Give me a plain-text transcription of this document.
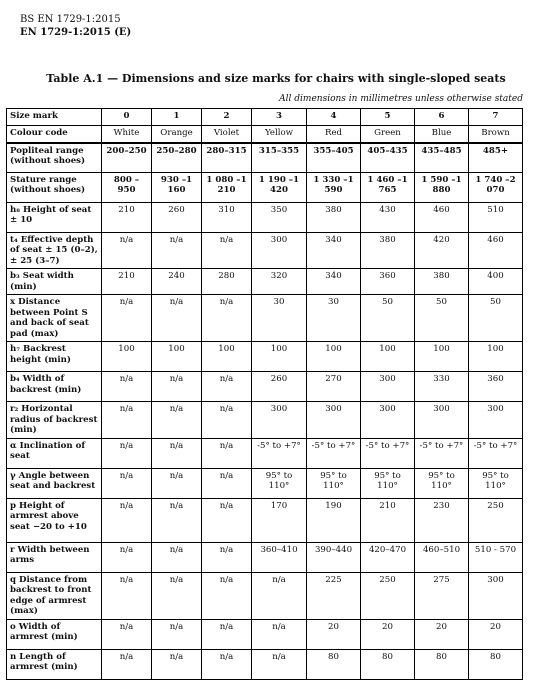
BS EN 1729-1:2015
EN 1729-1:2015 (E)
Table A.1 — Dimensions and size marks for chairs with single-sloped seats
All dimensions in millimetres unless otherwise stated
Size mark	0	1	2	3	4	5	6	7
Colour code	White	Orange	Violet	Yellow	Red	Green	Blue	Brown
Popliteal range (without shoes)	200–250	250–280	280–315	315–355	355–405	405–435	435–485	485+
Stature range (without shoes)	800 –950	930 –1 160	1 080 –1 210	1 190 –1 420	1 330 –1 590	1 460 –1 765	1 590 –1 880	1 740 –2 070
h₈ Height of seat ± 10	210	260	310	350	380	430	460	510
t₄ Effective depth of seat ± 15 (0–2), ± 25 (3–7)	n/a	n/a	n/a	300	340	380	420	460
b₃ Seat width (min)	210	240	280	320	340	360	380	400
x Distance between Point S and back of seat pad (max)	n/a	n/a	n/a	30	30	50	50	50
h₇ Backrest height (min)	100	100	100	100	100	100	100	100
b₄ Width of backrest (min)	n/a	n/a	n/a	260	270	300	330	360
r₂ Horizontal radius of backrest (min)	n/a	n/a	n/a	300	300	300	300	300
α Inclination of seat	n/a	n/a	n/a	-5° to +7°	-5° to +7°	-5° to +7°	-5° to +7°	-5° to +7°
γ Angle between seat and backrest	n/a	n/a	n/a	95° to 110°	95° to 110°	95° to 110°	95° to 110°	95° to 110°
p Height of armrest above seat −20 to +10	n/a	n/a	n/a	170	190	210	230	250
r Width between arms	n/a	n/a	n/a	360–410	390–440	420–470	460–510	510 - 570
q Distance from backrest to front edge of armrest (max)	n/a	n/a	n/a	n/a	225	250	275	300
o Width of armrest (min)	n/a	n/a	n/a	n/a	20	20	20	20
n Length of armrest (min)	n/a	n/a	n/a	n/a	80	80	80	80
